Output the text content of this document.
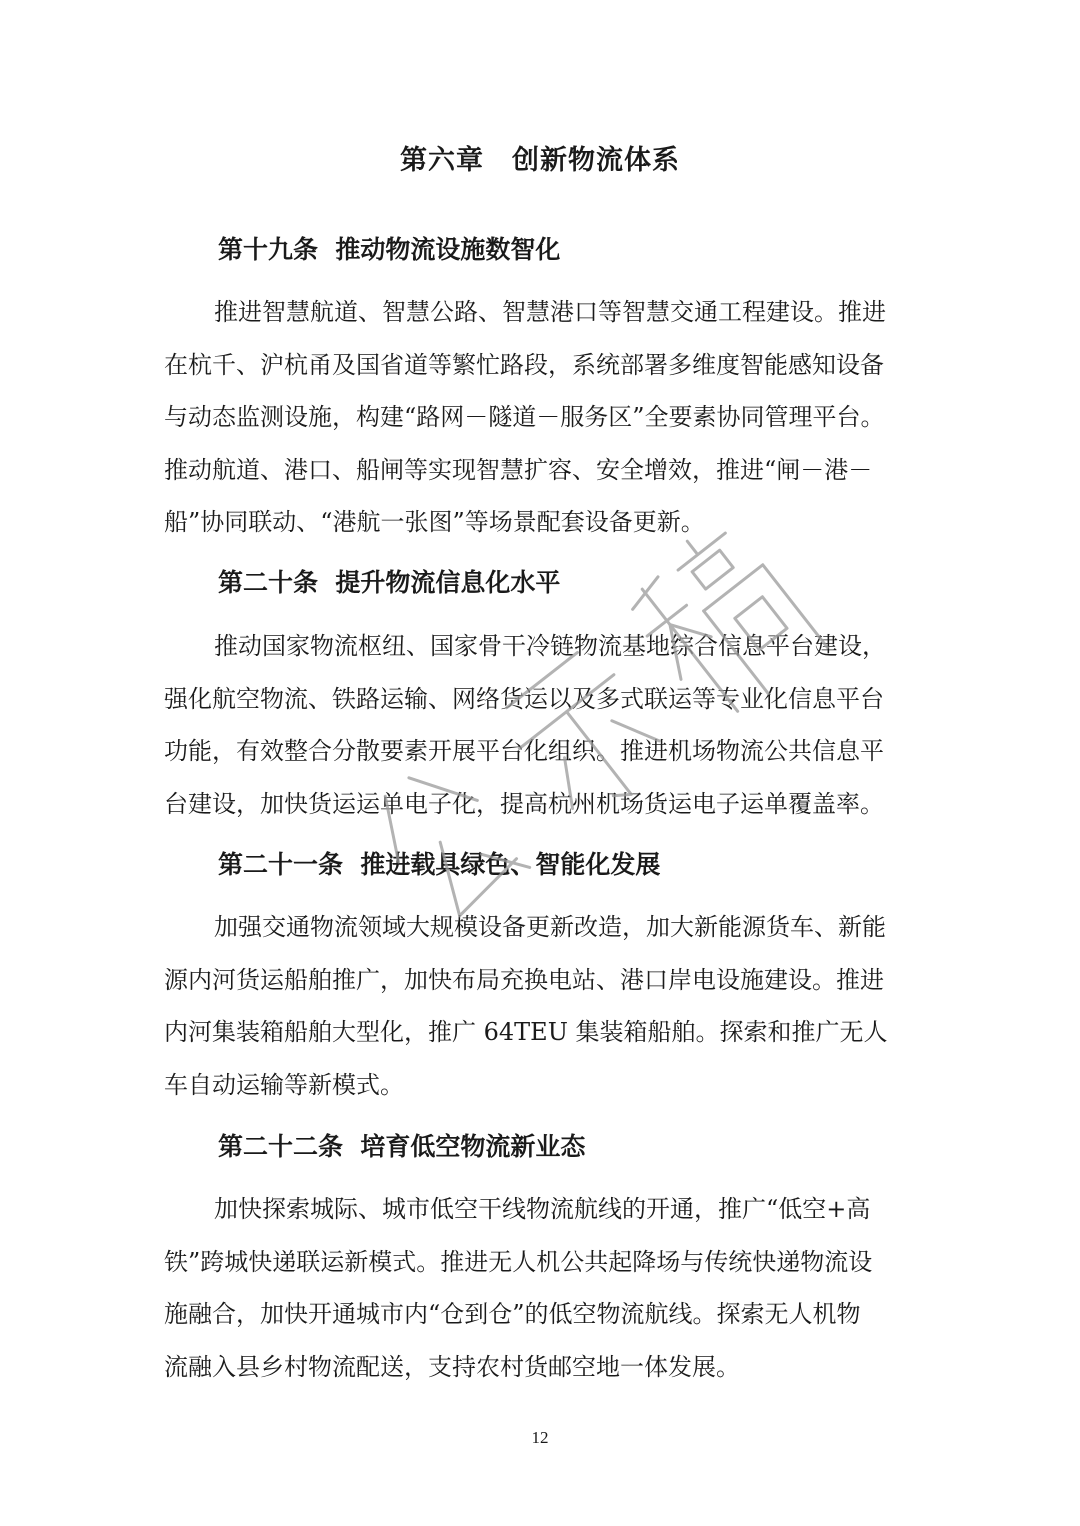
第六章　创新物流体系
第十九条  推动物流设施数智化
推进智慧航道、智慧公路、智慧港口等智慧交通工程建设。推进
在杭千、沪杭甬及国省道等繁忙路段，系统部署多维度智能感知设备
与动态监测设施，构建“路网－隧道－服务区”全要素协同管理平台。
推动航道、港口、船闸等实现智慧扩容、安全增效，推进“闸－港－
船”协同联动、“港航一张图”等场景配套设备更新。
第二十条  提升物流信息化水平
推动国家物流枢纽、国家骨干冷链物流基地综合信息平台建设，
强化航空物流、铁路运输、网络货运以及多式联运等专业化信息平台
功能，有效整合分散要素开展平台化组织。推进机场物流公共信息平
台建设，加快货运运单电子化，提高杭州机场货运电子运单覆盖率。
第二十一条  推进载具绿色、智能化发展
加强交通物流领域大规模设备更新改造，加大新能源货车、新能
源内河货运船舶推广，加快布局充换电站、港口岸电设施建设。推进
内河集装箱船舶大型化，推广 64TEU 集装箱船舶。探索和推广无人
车自动运输等新模式。
第二十二条  培育低空物流新业态
加快探索城际、城市低空干线物流航线的开通，推广“低空+高
铁”跨城快递联运新模式。推进无人机公共起降场与传统快递物流设
施融合，加快开通城市内“仓到仓”的低空物流航线。探索无人机物
流融入县乡村物流配送，支持农村货邮空地一体发展。
12
